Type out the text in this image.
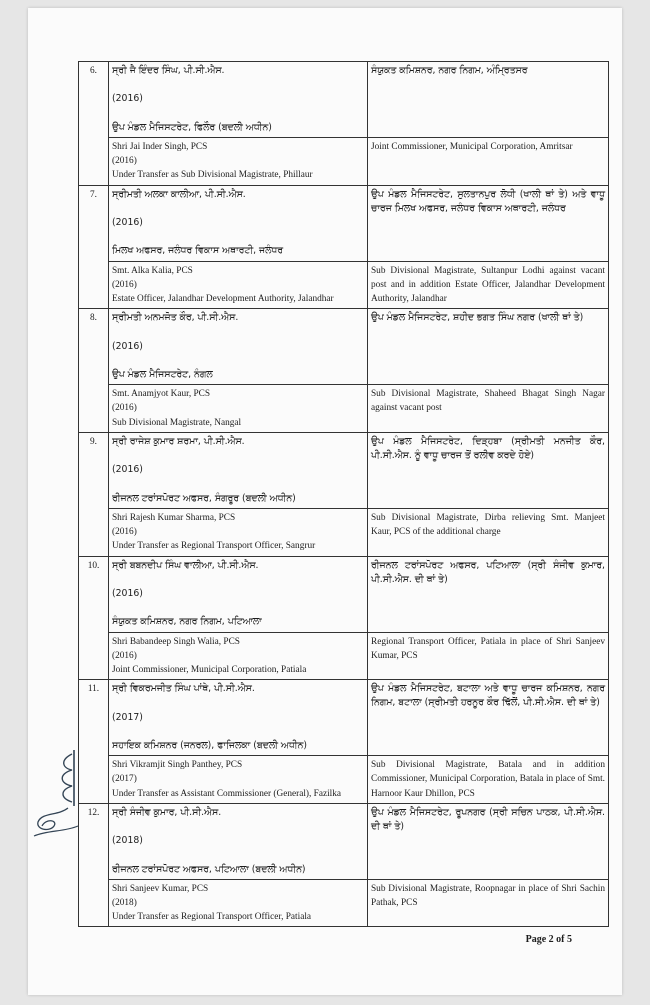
6.	ਸ੍ਰੀ ਜੈ ਇੰਦਰ ਸਿੰਘ, ਪੀ.ਸੀ.ਐਸ.

(2016)

ਉਪ ਮੰਡਲ ਮੈਜਿਸਟਰੇਟ, ਫਿਲੌਰ (ਬਦਲੀ ਅਧੀਨ)	ਸੰਯੁਕਤ ਕਮਿਸ਼ਨਰ, ਨਗਰ ਨਿਗਮ, ਅੰਮ੍ਰਿਤਸਰ
	Shri Jai Inder Singh, PCS
(2016)
Under Transfer as Sub Divisional Magistrate, Phillaur	Joint Commissioner, Municipal Corporation, Amritsar
7.	ਸ੍ਰੀਮਤੀ ਅਲਕਾ ਕਾਲੀਆ, ਪੀ.ਸੀ.ਐਸ.

(2016)

ਮਿਲਖ ਅਫਸਰ, ਜਲੰਧਰ ਵਿਕਾਸ ਅਥਾਰਟੀ, ਜਲੰਧਰ	ਉਪ ਮੰਡਲ ਮੈਜਿਸਟਰੇਟ, ਸੁਲਤਾਨਪੁਰ ਲੋਧੀ (ਖਾਲੀ ਥਾਂ ਤੇ) ਅਤੇ ਵਾਧੂ ਚਾਰਜ ਮਿਲਖ ਅਫਸਰ, ਜਲੰਧਰ ਵਿਕਾਸ ਅਥਾਰਟੀ, ਜਲੰਧਰ
	Smt. Alka Kalia, PCS
(2016)
Estate Officer, Jalandhar Development Authority, Jalandhar	Sub Divisional Magistrate, Sultanpur Lodhi against vacant post and in addition Estate Officer, Jalandhar Development Authority, Jalandhar
8.	ਸ੍ਰੀਮਤੀ ਅਨਮਜੋਤ ਕੌਰ, ਪੀ.ਸੀ.ਐਸ.

(2016)

ਉਪ ਮੰਡਲ ਮੈਜਿਸਟਰੇਟ, ਨੰਗਲ	ਉਪ ਮੰਡਲ ਮੈਜਿਸਟਰੇਟ, ਸ਼ਹੀਦ ਭਗਤ ਸਿੰਘ ਨਗਰ (ਖਾਲੀ ਥਾਂ ਤੇ)
	Smt. Anamjyot Kaur, PCS
(2016)
Sub Divisional Magistrate, Nangal	Sub Divisional Magistrate, Shaheed Bhagat Singh Nagar against vacant post
9.	ਸ੍ਰੀ ਰਾਜੇਸ਼ ਕੁਮਾਰ ਸ਼ਰਮਾ, ਪੀ.ਸੀ.ਐਸ.

(2016)

ਰੀਜਨਲ ਟਰਾਂਸਪੋਰਟ ਅਫਸਰ, ਸੰਗਰੂਰ (ਬਦਲੀ ਅਧੀਨ)	ਉਪ ਮੰਡਲ ਮੈਜਿਸਟਰੇਟ, ਦਿੜ੍ਹਬਾ (ਸ੍ਰੀਮਤੀ ਮਨਜੀਤ ਕੌਰ, ਪੀ.ਸੀ.ਐਸ. ਨੂੰ ਵਾਧੂ ਚਾਰਜ ਤੋਂ ਰਲੀਵ ਕਰਦੇ ਹੋਏ)
	Shri Rajesh Kumar Sharma, PCS
(2016)
Under Transfer as Regional Transport Officer, Sangrur	Sub Divisional Magistrate, Dirba relieving Smt. Manjeet Kaur, PCS of the additional charge
10.	ਸ੍ਰੀ ਬਬਨਦੀਪ ਸਿੰਘ ਵਾਲੀਆ, ਪੀ.ਸੀ.ਐਸ.

(2016)

ਸੰਯੁਕਤ ਕਮਿਸ਼ਨਰ, ਨਗਰ ਨਿਗਮ, ਪਟਿਆਲਾ	ਰੀਜਨਲ ਟਰਾਂਸਪੋਰਟ ਅਫਸਰ, ਪਟਿਆਲਾ (ਸ੍ਰੀ ਸੰਜੀਵ ਕੁਮਾਰ, ਪੀ.ਸੀ.ਐਸ. ਦੀ ਥਾਂ ਤੇ)
	Shri Babandeep Singh Walia, PCS
(2016)
Joint Commissioner, Municipal Corporation, Patiala	Regional Transport Officer, Patiala in place of Shri Sanjeev Kumar, PCS
11.	ਸ੍ਰੀ ਵਿਕਰਮਜੀਤ ਸਿੰਘ ਪਾਂਥੇ, ਪੀ.ਸੀ.ਐਸ.

(2017)

ਸਹਾਇਕ ਕਮਿਸ਼ਨਰ (ਜਨਰਲ), ਫਾਜਿਲਕਾ (ਬਦਲੀ ਅਧੀਨ)	ਉਪ ਮੰਡਲ ਮੈਜਿਸਟਰੇਟ, ਬਟਾਲਾ ਅਤੇ ਵਾਧੂ ਚਾਰਜ ਕਮਿਸ਼ਨਰ, ਨਗਰ ਨਿਗਮ, ਬਟਾਲਾ (ਸ੍ਰੀਮਤੀ ਹਰਨੂਰ ਕੌਰ ਢਿੱਲੋਂ, ਪੀ.ਸੀ.ਐਸ. ਦੀ ਥਾਂ ਤੇ)
	Shri Vikramjit Singh Panthey, PCS
(2017)
Under Transfer as Assistant Commissioner (General), Fazilka	Sub Divisional Magistrate, Batala and in addition Commissioner, Municipal Corporation, Batala in place of Smt. Harnoor Kaur Dhillon, PCS
12.	ਸ੍ਰੀ ਸੰਜੀਵ ਕੁਮਾਰ, ਪੀ.ਸੀ.ਐਸ.

(2018)

ਰੀਜਨਲ ਟਰਾਂਸਪੋਰਟ ਅਫਸਰ, ਪਟਿਆਲਾ (ਬਦਲੀ ਅਧੀਨ)	ਉਪ ਮੰਡਲ ਮੈਜਿਸਟਰੇਟ, ਰੂਪਨਗਰ (ਸ੍ਰੀ ਸਚਿਨ ਪਾਠਕ, ਪੀ.ਸੀ.ਐਸ. ਦੀ ਥਾਂ ਤੇ)
	Shri Sanjeev Kumar, PCS
(2018)
Under Transfer as Regional Transport Officer, Patiala	Sub Divisional Magistrate, Roopnagar in place of Shri Sachin Pathak, PCS
Page 2 of 5
